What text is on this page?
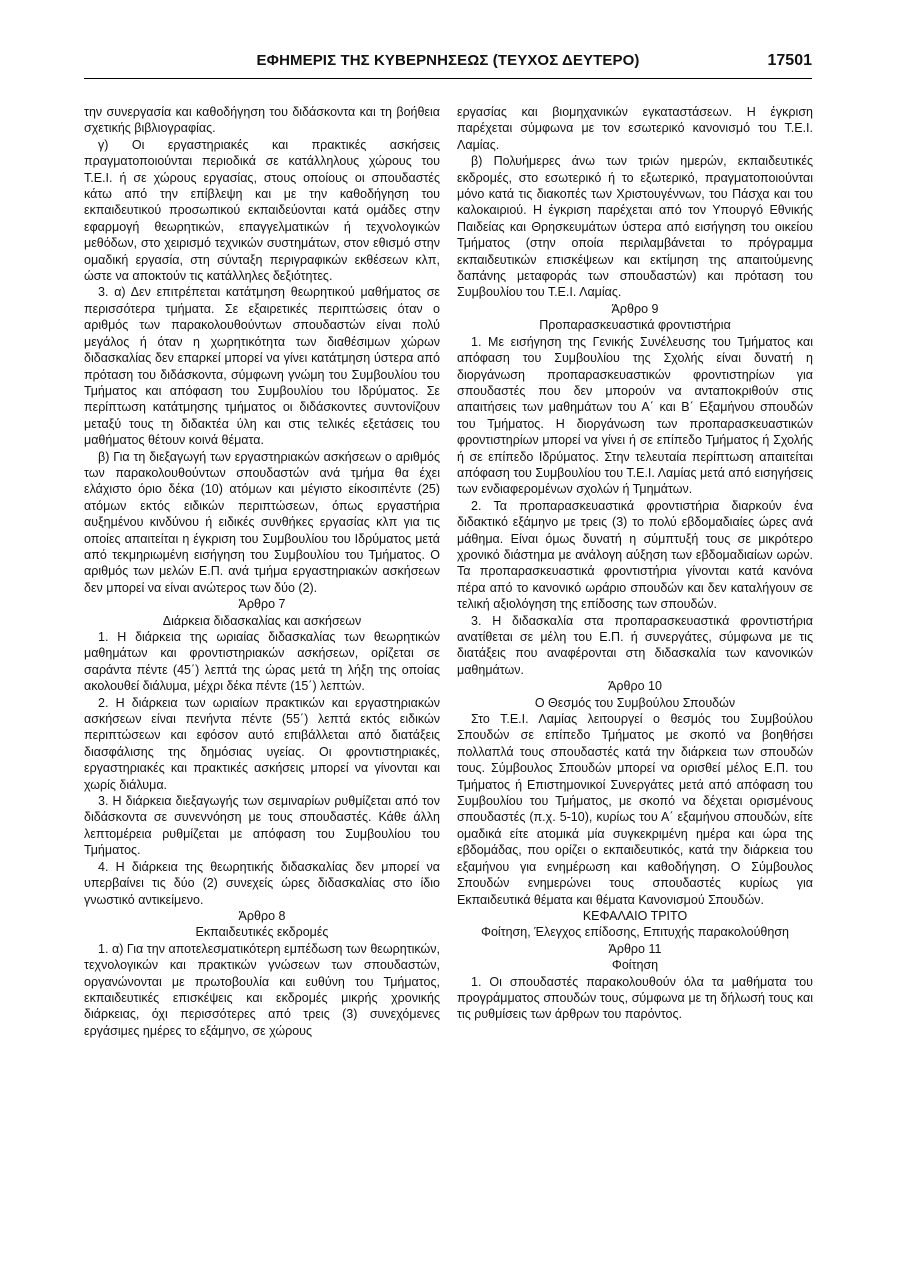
ΕΦΗΜΕΡΙΣ ΤΗΣ ΚΥΒΕΡΝΗΣΕΩΣ (ΤΕΥΧΟΣ ΔΕΥΤΕΡΟ)	17501

την συνεργασία και καθοδήγηση του διδάσκοντα και τη βοήθεια σχετικής βιβλιογραφίας.

γ) Οι εργαστηριακές και πρακτικές ασκήσεις πραγματοποιούνται περιοδικά σε κατάλληλους χώρους του Τ.Ε.Ι. ή σε χώρους εργασίας, στους οποίους οι σπουδαστές κάτω από την επίβλεψη και με την καθοδήγηση του εκπαιδευτικού προσωπικού εκπαιδεύονται κατά ομάδες στην εφαρμογή θεωρητικών, επαγγελματικών ή τεχνολογικών μεθόδων, στο χειρισμό τεχνικών συστημάτων, στον εθισμό στην ομαδική εργασία, στη σύνταξη περιγραφικών εκθέσεων κλπ, ώστε να αποκτούν τις κατάλληλες δεξιότητες.

3. α) Δεν επιτρέπεται κατάτμηση θεωρητικού μαθήματος σε περισσότερα τμήματα. Σε εξαιρετικές περιπτώσεις όταν ο αριθμός των παρακολουθούντων σπουδαστών είναι πολύ μεγάλος ή όταν η χωρητικότητα των διαθέσιμων χώρων διδασκαλίας δεν επαρκεί μπορεί να γίνει κατάτμηση ύστερα από πρόταση του διδάσκοντα, σύμφωνη γνώμη του Συμβουλίου του Τμήματος και απόφαση του Συμβουλίου του Ιδρύματος. Σε περίπτωση κατάτμησης τμήματος οι διδάσκοντες συντονίζουν μεταξύ τους τη διδακτέα ύλη και στις τελικές εξετάσεις του μαθήματος θέτουν κοινά θέματα.

β) Για τη διεξαγωγή των εργαστηριακών ασκήσεων ο αριθμός των παρακολουθούντων σπουδαστών ανά τμήμα θα έχει ελάχιστο όριο δέκα (10) ατόμων και μέγιστο είκοσιπέντε (25) ατόμων εκτός ειδικών περιπτώσεων, όπως εργαστήρια αυξημένου κινδύνου ή ειδικές συνθήκες εργασίας κλπ για τις οποίες απαιτείται η έγκριση του Συμβουλίου του Ιδρύματος μετά από τεκμηριωμένη εισήγηση του Συμβουλίου του Τμήματος. Ο αριθμός των μελών Ε.Π. ανά τμήμα εργαστηριακών ασκήσεων δεν μπορεί να είναι ανώτερος των δύο (2).

Άρθρο 7

Διάρκεια διδασκαλίας και ασκήσεων

1. Η διάρκεια της ωριαίας διδασκαλίας των θεωρητικών μαθημάτων και φροντιστηριακών ασκήσεων, ορίζεται σε σαράντα πέντε (45΄) λεπτά της ώρας μετά τη λήξη της οποίας ακολουθεί διάλυμα, μέχρι δέκα πέντε (15΄) λεπτών.

2. Η διάρκεια των ωριαίων πρακτικών και εργαστηριακών ασκήσεων είναι πενήντα πέντε (55΄) λεπτά εκτός ειδικών περιπτώσεων και εφόσον αυτό επιβάλλεται από διατάξεις διασφάλισης της δημόσιας υγείας. Οι φροντιστηριακές, εργαστηριακές και πρακτικές ασκήσεις μπορεί να γίνονται και χωρίς διάλυμα.

3. Η διάρκεια διεξαγωγής των σεμιναρίων ρυθμίζεται από τον διδάσκοντα σε συνεννόηση με τους σπουδαστές. Κάθε άλλη λεπτομέρεια ρυθμίζεται με απόφαση του Συμβουλίου του Τμήματος.

4. Η διάρκεια της θεωρητικής διδασκαλίας δεν μπορεί να υπερβαίνει τις δύο (2) συνεχείς ώρες διδασκαλίας στο ίδιο γνωστικό αντικείμενο.

Άρθρο 8

Εκπαιδευτικές εκδρομές

1. α) Για την αποτελεσματικότερη εμπέδωση των θεωρητικών, τεχνολογικών και πρακτικών γνώσεων των σπουδαστών, οργανώνονται με πρωτοβουλία και ευθύνη του Τμήματος, εκπαιδευτικές επισκέψεις και εκδρομές μικρής χρονικής διάρκειας, όχι περισσότερες από τρεις (3) συνεχόμενες εργάσιμες ημέρες το εξάμηνο, σε χώρους

εργασίας και βιομηχανικών εγκαταστάσεων. Η έγκριση παρέχεται σύμφωνα με τον εσωτερικό κανονισμό του Τ.Ε.Ι. Λαμίας.

β) Πολυήμερες άνω των τριών ημερών, εκπαιδευτικές εκδρομές, στο εσωτερικό ή το εξωτερικό, πραγματοποιούνται μόνο κατά τις διακοπές των Χριστουγέννων, του Πάσχα και του καλοκαιριού. Η έγκριση παρέχεται από τον Υπουργό Εθνικής Παιδείας και Θρησκευμάτων ύστερα από εισήγηση του οικείου Τμήματος (στην οποία περιλαμβάνεται το πρόγραμμα εκπαιδευτικών επισκέψεων και εκτίμηση της απαιτούμενης δαπάνης μεταφοράς των σπουδαστών) και πρόταση του Συμβουλίου του Τ.Ε.Ι. Λαμίας.

Άρθρο 9

Προπαρασκευαστικά φροντιστήρια

1. Με εισήγηση της Γενικής Συνέλευσης του Τμήματος και απόφαση του Συμβουλίου της Σχολής είναι δυνατή η διοργάνωση προπαρασκευαστικών φροντιστηρίων για σπουδαστές που δεν μπορούν να ανταποκριθούν στις απαιτήσεις των μαθημάτων του Α΄ και Β΄ Εξαμήνου σπουδών του Τμήματος. Η διοργάνωση των προπαρασκευαστικών φροντιστηρίων μπορεί να γίνει ή σε επίπεδο Τμήματος ή Σχολής ή σε επίπεδο Ιδρύματος. Στην τελευταία περίπτωση απαιτείται απόφαση του Συμβουλίου του Τ.Ε.Ι. Λαμίας μετά από εισηγήσεις των ενδιαφερομένων σχολών ή Τμημάτων.

2. Τα προπαρασκευαστικά φροντιστήρια διαρκούν ένα διδακτικό εξάμηνο με τρεις (3) το πολύ εβδομαδιαίες ώρες ανά μάθημα. Είναι όμως δυνατή η σύμπτυξή τους σε μικρότερο χρονικό διάστημα με ανάλογη αύξηση των εβδομαδιαίων ωρών. Τα προπαρασκευαστικά φροντιστήρια γίνονται κατά κανόνα πέρα από το κανονικό ωράριο σπουδών και δεν καταλήγουν σε τελική αξιολόγηση της επίδοσης των σπουδών.

3. Η διδασκαλία στα προπαρασκευαστικά φροντιστήρια ανατίθεται σε μέλη του Ε.Π. ή συνεργάτες, σύμφωνα με τις διατάξεις που αναφέρονται στη διδασκαλία των κανονικών μαθημάτων.

Άρθρο 10

Ο Θεσμός του Συμβούλου Σπουδών

Στο Τ.Ε.Ι. Λαμίας λειτουργεί ο θεσμός του Συμβούλου Σπουδών σε επίπεδο Τμήματος με σκοπό να βοηθήσει πολλαπλά τους σπουδαστές κατά την διάρκεια των σπουδών τους. Σύμβουλος Σπουδών μπορεί να ορισθεί μέλος Ε.Π. του Τμήματος ή Επιστημονικοί Συνεργάτες μετά από απόφαση του Συμβουλίου του Τμήματος, με σκοπό να δέχεται ορισμένους σπουδαστές (π.χ. 5-10), κυρίως του Α΄ εξαμήνου σπουδών, είτε ομαδικά είτε ατομικά μία συγκεκριμένη ημέρα και ώρα της εβδομάδας, που ορίζει ο εκπαιδευτικός, κατά την διάρκεια του εξαμήνου για ενημέρωση και καθοδήγηση. Ο Σύμβουλος Σπουδών ενημερώνει τους σπουδαστές κυρίως για Εκπαιδευτικά θέματα και θέματα Κανονισμού Σπουδών.

ΚΕΦΑΛΑΙΟ ΤΡΙΤΟ

Φοίτηση, Έλεγχος επίδοσης, Επιτυχής παρακολούθηση

Άρθρο 11

Φοίτηση

1. Οι σπουδαστές παρακολουθούν όλα τα μαθήματα του προγράμματος σπουδών τους, σύμφωνα με τη δήλωσή τους και τις ρυθμίσεις των άρθρων του παρόντος.
